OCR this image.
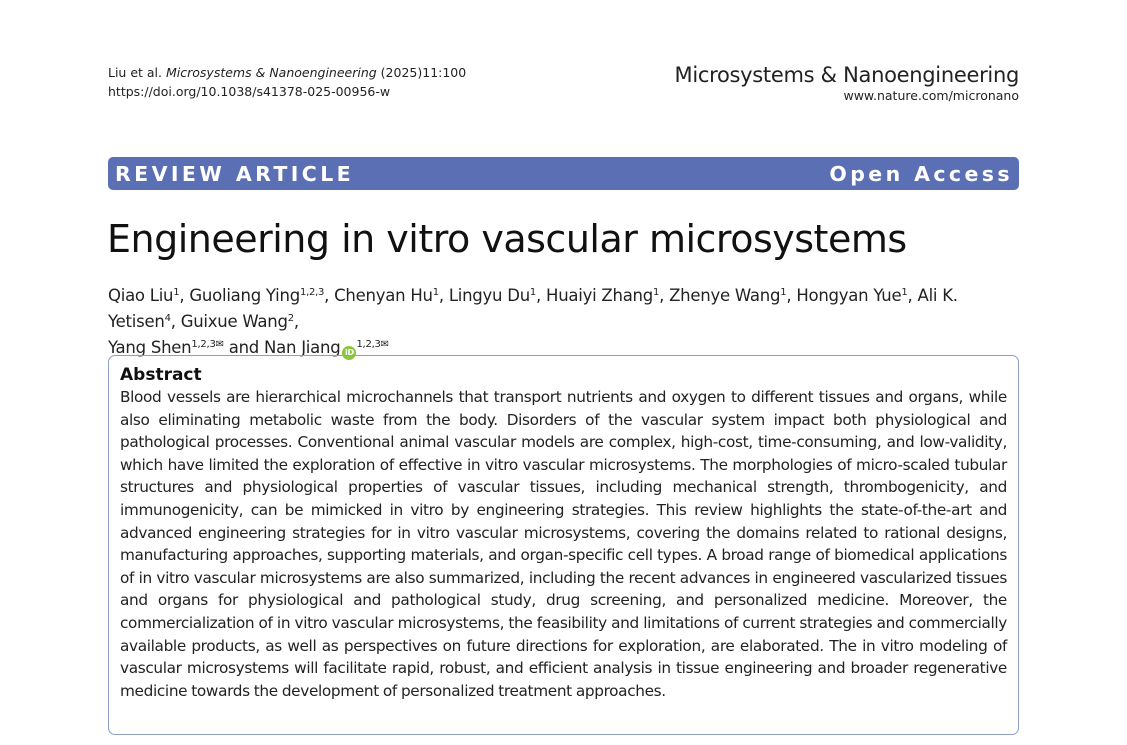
Liu et al. Microsystems & Nanoengineering (2025)11:100
https://doi.org/10.1038/s41378-025-00956-w
Microsystems & Nanoengineering
www.nature.com/micronano
REVIEW ARTICLE	Open Access
Engineering in vitro vascular microsystems
Qiao Liu$^1$, Guoliang Ying$^{1,2,3}$, Chenyan Hu$^1$, Lingyu Du$^1$, Huaiyi Zhang$^1$, Zhenye Wang$^1$, Hongyan Yue$^1$, Ali K. Yetisen$^4$, Guixue Wang$^2$,
Yang Shen$^{1,2,3✉}$ and Nan Jiang $iD^{1,2,3✉}$
Abstract

Blood vessels are hierarchical microchannels that transport nutrients and oxygen to different tissues and organs, while also eliminating metabolic waste from the body. Disorders of the vascular system impact both physiological and pathological processes. Conventional animal vascular models are complex, high-cost, time-consuming, and low-validity, which have limited the exploration of effective in vitro vascular microsystems. The morphologies of micro-scaled tubular structures and physiological properties of vascular tissues, including mechanical strength, thrombogenicity, and immunogenicity, can be mimicked in vitro by engineering strategies. This review highlights the state-of-the-art and advanced engineering strategies for in vitro vascular microsystems, covering the domains related to rational designs, manufacturing approaches, supporting materials, and organ-specific cell types. A broad range of biomedical applications of in vitro vascular microsystems are also summarized, including the recent advances in engineered vascularized tissues and organs for physiological and pathological study, drug screening, and personalized medicine. Moreover, the commercialization of in vitro vascular microsystems, the feasibility and limitations of current strategies and commercially available products, as well as perspectives on future directions for exploration, are elaborated. The in vitro modeling of vascular microsystems will facilitate rapid, robust, and efficient analysis in tissue engineering and broader regenerative medicine towards the development of personalized treatment approaches.
